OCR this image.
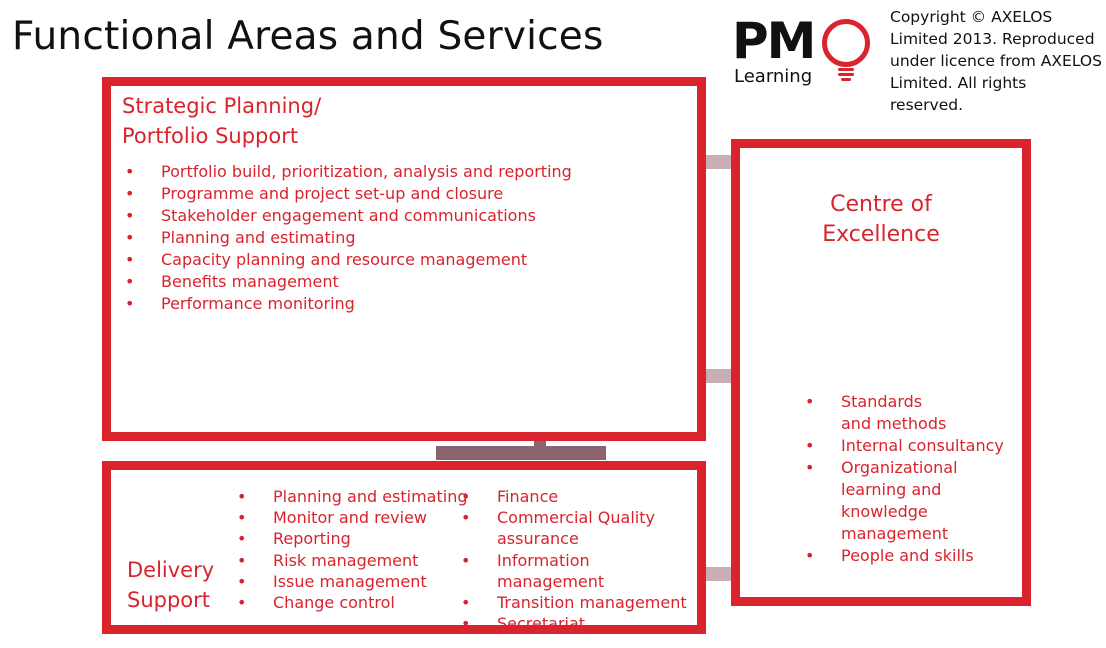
Functional Areas and Services	PM
Learning
Copyright © AXELOS Limited 2013. Reproduced under licence from AXELOS Limited. All rights reserved.
Strategic Planning/
Portfolio Support
• Portfolio build, prioritization, analysis and reporting
• Programme and project set-up and closure
• Stakeholder engagement and communications
• Planning and estimating
• Capacity planning and resource management
• Benefits management
• Performance monitoring
Delivery
Support
• Planning and estimating
• Monitor and review
• Reporting
• Risk management
• Issue management
• Change control
• Finance
• Commercial Quality assurance
• Information management
• Transition management
• Secretariat
Centre of
Excellence
• Standards and methods
• Internal consultancy
• Organizational learning and knowledge management
• People and skills
